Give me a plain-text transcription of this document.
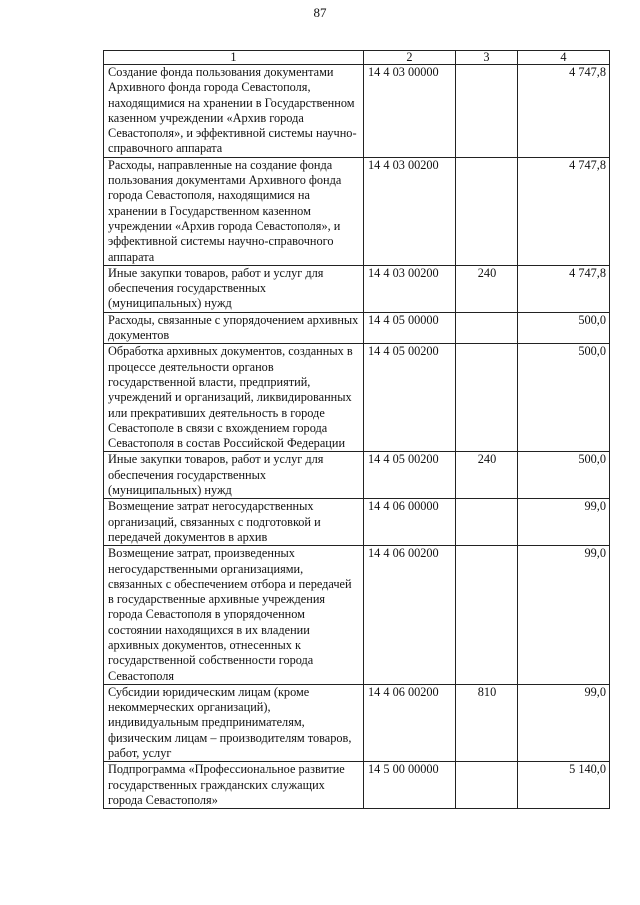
87
1	2	3	4
Создание фонда пользования документами Архивного фонда города Севастополя, находящимися на хранении в Государственном казенном учреждении «Архив города Севастополя», и эффективной системы научно-справочного аппарата	14 4 03 00000		4 747,8
Расходы, направленные на создание фонда пользования документами Архивного фонда города Севастополя, находящимися на хранении в Государственном казенном учреждении «Архив города Севастополя», и эффективной системы научно-справочного аппарата	14 4 03 00200		4 747,8
Иные закупки товаров, работ и услуг для обеспечения государственных (муниципальных) нужд	14 4 03 00200	240	4 747,8
Расходы, связанные с упорядочением архивных документов	14 4 05 00000		500,0
Обработка архивных документов, созданных в процессе деятельности органов государственной власти, предприятий, учреждений и организаций, ликвидированных или прекративших деятельность в городе Севастополе в связи с вхождением города Севастополя в состав Российской Федерации	14 4 05 00200		500,0
Иные закупки товаров, работ и услуг для обеспечения государственных (муниципальных) нужд	14 4 05 00200	240	500,0
Возмещение затрат негосударственных организаций, связанных с подготовкой и передачей документов в архив	14 4 06 00000		99,0
Возмещение затрат, произведенных негосударственными организациями, связанных с обеспечением отбора и передачей в государственные архивные учреждения города Севастополя в упорядоченном состоянии находящихся в их владении архивных документов, отнесенных к государственной собственности города Севастополя	14 4 06 00200		99,0
Субсидии юридическим лицам (кроме некоммерческих организаций), индивидуальным предпринимателям, физическим лицам – производителям товаров, работ, услуг	14 4 06 00200	810	99,0
Подпрограмма «Профессиональное развитие государственных гражданских служащих города Севастополя»	14 5 00 00000		5 140,0
